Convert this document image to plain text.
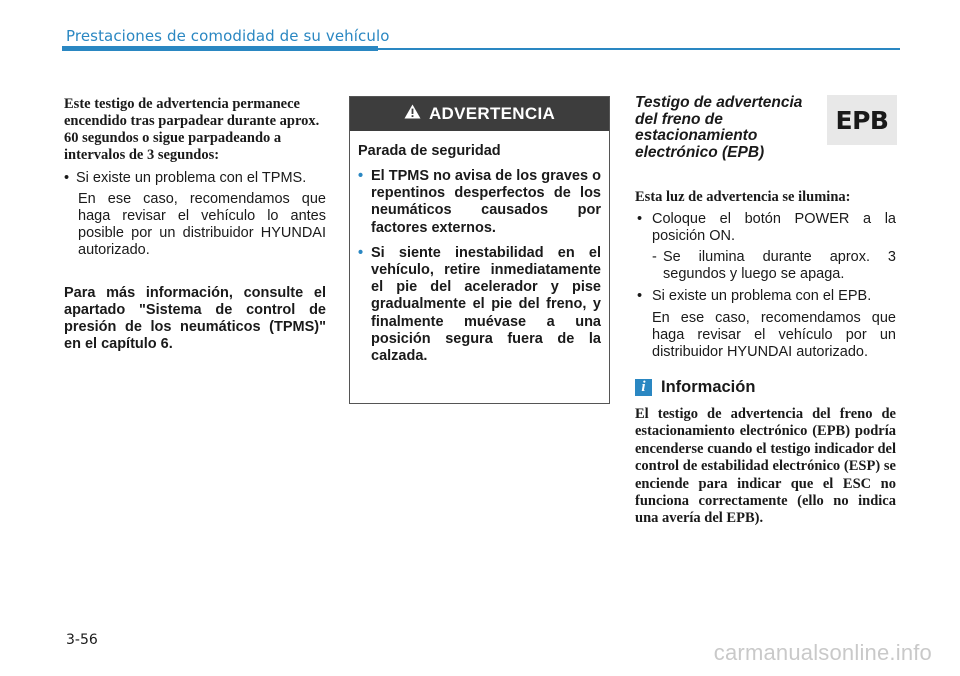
Prestaciones de comodidad de su vehículo
Este testigo de advertencia permanece encendido tras parpadear durante aprox. 60 segundos o sigue parpadeando a intervalos de 3 segundos:
• Si existe un problema con el TPMS.
En ese caso, recomendamos que haga revisar el vehículo lo antes posible por un distribuidor HYUNDAI autorizado.
Para más información, consulte el apartado "Sistema de control de presión de los neumáticos (TPMS)" en el capítulo 6.
ADVERTENCIA
Parada de seguridad
• El TPMS no avisa de los graves o repentinos desperfectos de los neumáticos causados por factores externos.
• Si siente inestabilidad en el vehículo, retire inmediatamente el pie del acelerador y pise gradualmente el pie del freno, y finalmente muévase a una posición segura fuera de la calzada.
EPB
Testigo de advertencia del freno de estacionamiento electrónico (EPB)
Esta luz de advertencia se ilumina:
• Coloque el botón POWER a la posición ON.
- Se ilumina durante aprox. 3 segundos y luego se apaga.
• Si existe un problema con el EPB.
En ese caso, recomendamos que haga revisar el vehículo por un distribuidor HYUNDAI autorizado.
i Información
El testigo de advertencia del freno de estacionamiento electrónico (EPB) podría encenderse cuando el testigo indicador del control de estabilidad electrónico (ESP) se enciende para indicar que el ESC no funciona correctamente (ello no indica una avería del EPB).
3-56	carmanualsonline.info
